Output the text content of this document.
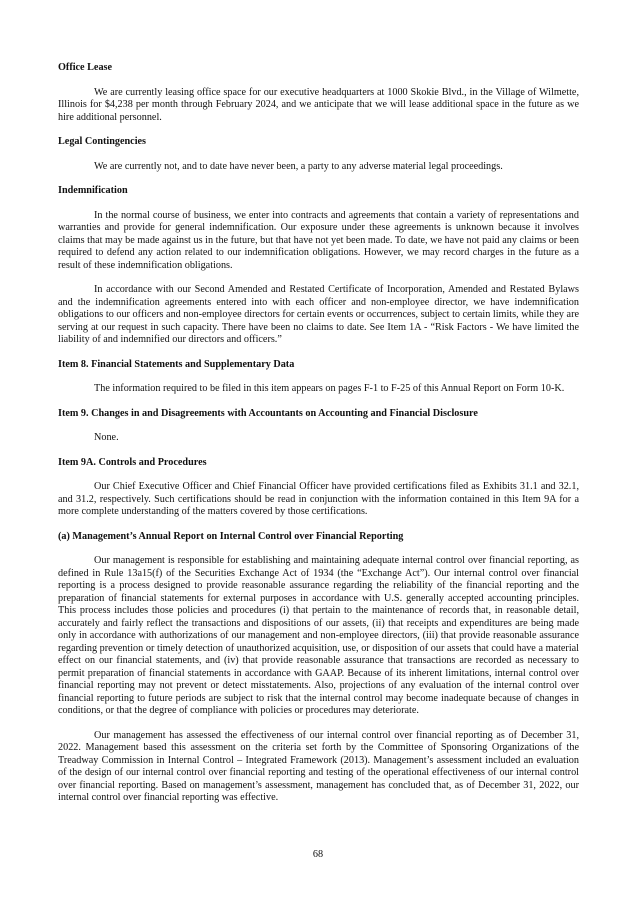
Office Lease

We are currently leasing office space for our executive headquarters at 1000 Skokie Blvd., in the Village of Wilmette, Illinois for $4,238 per month through February 2024, and we anticipate that we will lease additional space in the future as we hire additional personnel.

Legal Contingencies

We are currently not, and to date have never been, a party to any adverse material legal proceedings.

Indemnification

In the normal course of business, we enter into contracts and agreements that contain a variety of representations and warranties and provide for general indemnification. Our exposure under these agreements is unknown because it involves claims that may be made against us in the future, but that have not yet been made. To date, we have not paid any claims or been required to defend any action related to our indemnification obligations. However, we may record charges in the future as a result of these indemnification obligations.

In accordance with our Second Amended and Restated Certificate of Incorporation, Amended and Restated Bylaws and the indemnification agreements entered into with each officer and non-employee director, we have indemnification obligations to our officers and non-employee directors for certain events or occurrences, subject to certain limits, while they are serving at our request in such capacity. There have been no claims to date. See Item 1A - “Risk Factors - We have limited the liability of and indemnified our directors and officers.”

Item 8. Financial Statements and Supplementary Data

The information required to be filed in this item appears on pages F-1 to F-25 of this Annual Report on Form 10-K.

Item 9. Changes in and Disagreements with Accountants on Accounting and Financial Disclosure

None.

Item 9A. Controls and Procedures

Our Chief Executive Officer and Chief Financial Officer have provided certifications filed as Exhibits 31.1 and 32.1, and 31.2, respectively. Such certifications should be read in conjunction with the information contained in this Item 9A for a more complete understanding of the matters covered by those certifications.

(a) Management’s Annual Report on Internal Control over Financial Reporting

Our management is responsible for establishing and maintaining adequate internal control over financial reporting, as defined in Rule 13a15(f) of the Securities Exchange Act of 1934 (the “Exchange Act”). Our internal control over financial reporting is a process designed to provide reasonable assurance regarding the reliability of the financial reporting and the preparation of financial statements for external purposes in accordance with U.S. generally accepted accounting principles. This process includes those policies and procedures (i) that pertain to the maintenance of records that, in reasonable detail, accurately and fairly reflect the transactions and dispositions of our assets, (ii) that receipts and expenditures are being made only in accordance with authorizations of our management and non-employee directors, (iii) that provide reasonable assurance regarding prevention or timely detection of unauthorized acquisition, use, or disposition of our assets that could have a material effect on our financial statements, and (iv) that provide reasonable assurance that transactions are recorded as necessary to permit preparation of financial statements in accordance with GAAP. Because of its inherent limitations, internal control over financial reporting may not prevent or detect misstatements. Also, projections of any evaluation of the internal control over financial reporting to future periods are subject to risk that the internal control may become inadequate because of changes in conditions, or that the degree of compliance with policies or procedures may deteriorate.

Our management has assessed the effectiveness of our internal control over financial reporting as of December 31, 2022. Management based this assessment on the criteria set forth by the Committee of Sponsoring Organizations of the Treadway Commission in Internal Control – Integrated Framework (2013). Management’s assessment included an evaluation of the design of our internal control over financial reporting and testing of the operational effectiveness of our internal control over financial reporting. Based on management’s assessment, management has concluded that, as of December 31, 2022, our internal control over financial reporting was effective.

68
